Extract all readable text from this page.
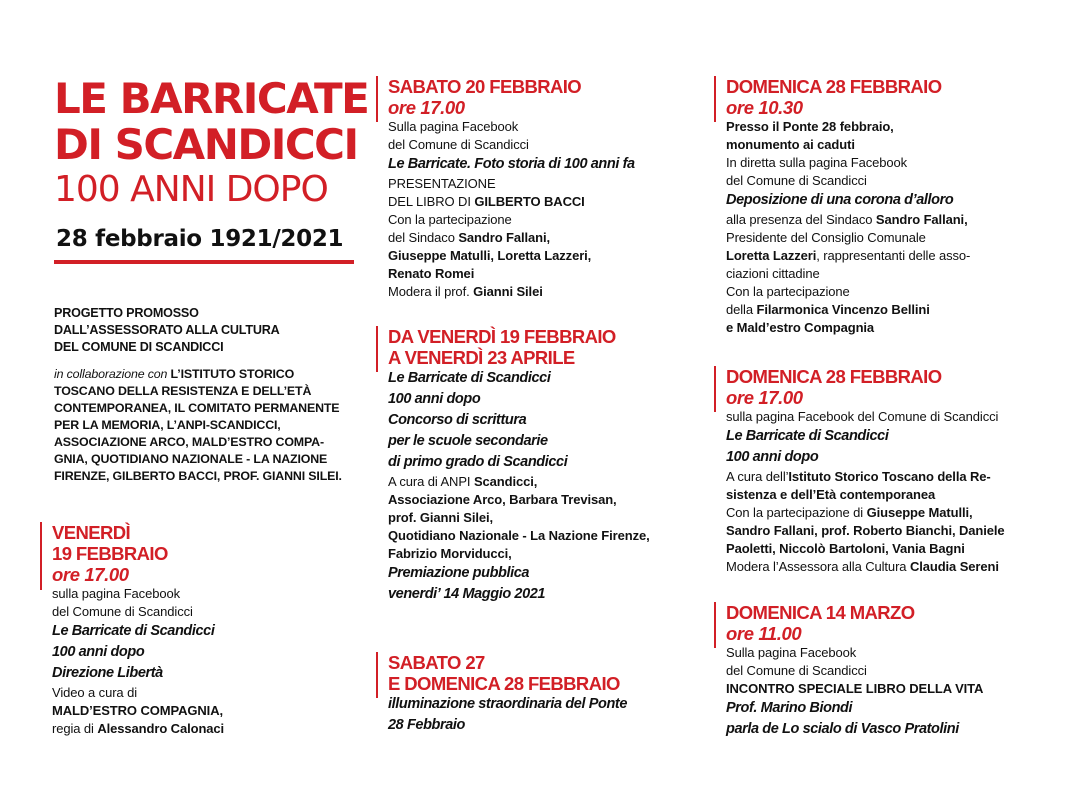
LE BARRICATE
DI SCANDICCI
100 ANNI DOPO
28 febbraio 1921/2021
PROGETTO PROMOSSO
DALL’ASSESSORATO ALLA CULTURA
DEL COMUNE DI SCANDICCI
in collaborazione con L’ISTITUTO STORICO
TOSCANO DELLA RESISTENZA E DELL’ETÀ
CONTEMPORANEA, IL COMITATO PERMANENTE
PER LA MEMORIA, L’ANPI-SCANDICCI,
ASSOCIAZIONE ARCO, MALD’ESTRO COMPA-
GNIA, QUOTIDIANO NAZIONALE - LA NAZIONE
FIRENZE, GILBERTO BACCI, PROF. GIANNI SILEI.
VENERDÌ
19 FEBBRAIO
ore 17.00
sulla pagina Facebook
del Comune di Scandicci
Le Barricate di Scandicci
100 anni dopo
Direzione Libertà
Video a cura di
MALD’ESTRO COMPAGNIA,
regia di Alessandro Calonaci
SABATO 20 FEBBRAIO
ore 17.00
Sulla pagina Facebook
del Comune di Scandicci
Le Barricate. Foto storia di 100 anni fa
PRESENTAZIONE
DEL LIBRO DI GILBERTO BACCI
Con la partecipazione
del Sindaco Sandro Fallani,
Giuseppe Matulli, Loretta Lazzeri,
Renato Romei
Modera il prof. Gianni Silei
DA VENERDÌ 19 FEBBRAIO
A VENERDÌ 23 APRILE
Le Barricate di Scandicci
100 anni dopo
Concorso di scrittura
per le scuole secondarie
di primo grado di Scandicci
A cura di ANPI Scandicci,
Associazione Arco, Barbara Trevisan,
prof. Gianni Silei,
Quotidiano Nazionale - La Nazione Firenze,
Fabrizio Morviducci,
Premiazione pubblica
venerdi’ 14 Maggio 2021
SABATO 27
E DOMENICA 28 FEBBRAIO
illuminazione straordinaria del Ponte
28 Febbraio
DOMENICA 28 FEBBRAIO
ore 10.30
Presso il Ponte 28 febbraio,
monumento ai caduti
In diretta sulla pagina Facebook
del Comune di Scandicci
Deposizione di una corona d’alloro
alla presenza del Sindaco Sandro Fallani,
Presidente del Consiglio Comunale
Loretta Lazzeri, rappresentanti delle asso-
ciazioni cittadine
Con la partecipazione
della Filarmonica Vincenzo Bellini
e Mald’estro Compagnia
DOMENICA 28 FEBBRAIO
ore 17.00
sulla pagina Facebook del Comune di Scandicci
Le Barricate di Scandicci
100 anni dopo
A cura dell’Istituto Storico Toscano della Re-
sistenza e dell’Età contemporanea
Con la partecipazione di Giuseppe Matulli,
Sandro Fallani, prof. Roberto Bianchi, Daniele
Paoletti, Niccolò Bartoloni, Vania Bagni
Modera l’Assessora alla Cultura Claudia Sereni
DOMENICA 14 MARZO
ore 11.00
Sulla pagina Facebook
del Comune di Scandicci
INCONTRO SPECIALE LIBRO DELLA VITA
Prof. Marino Biondi
parla de Lo scialo di Vasco Pratolini
